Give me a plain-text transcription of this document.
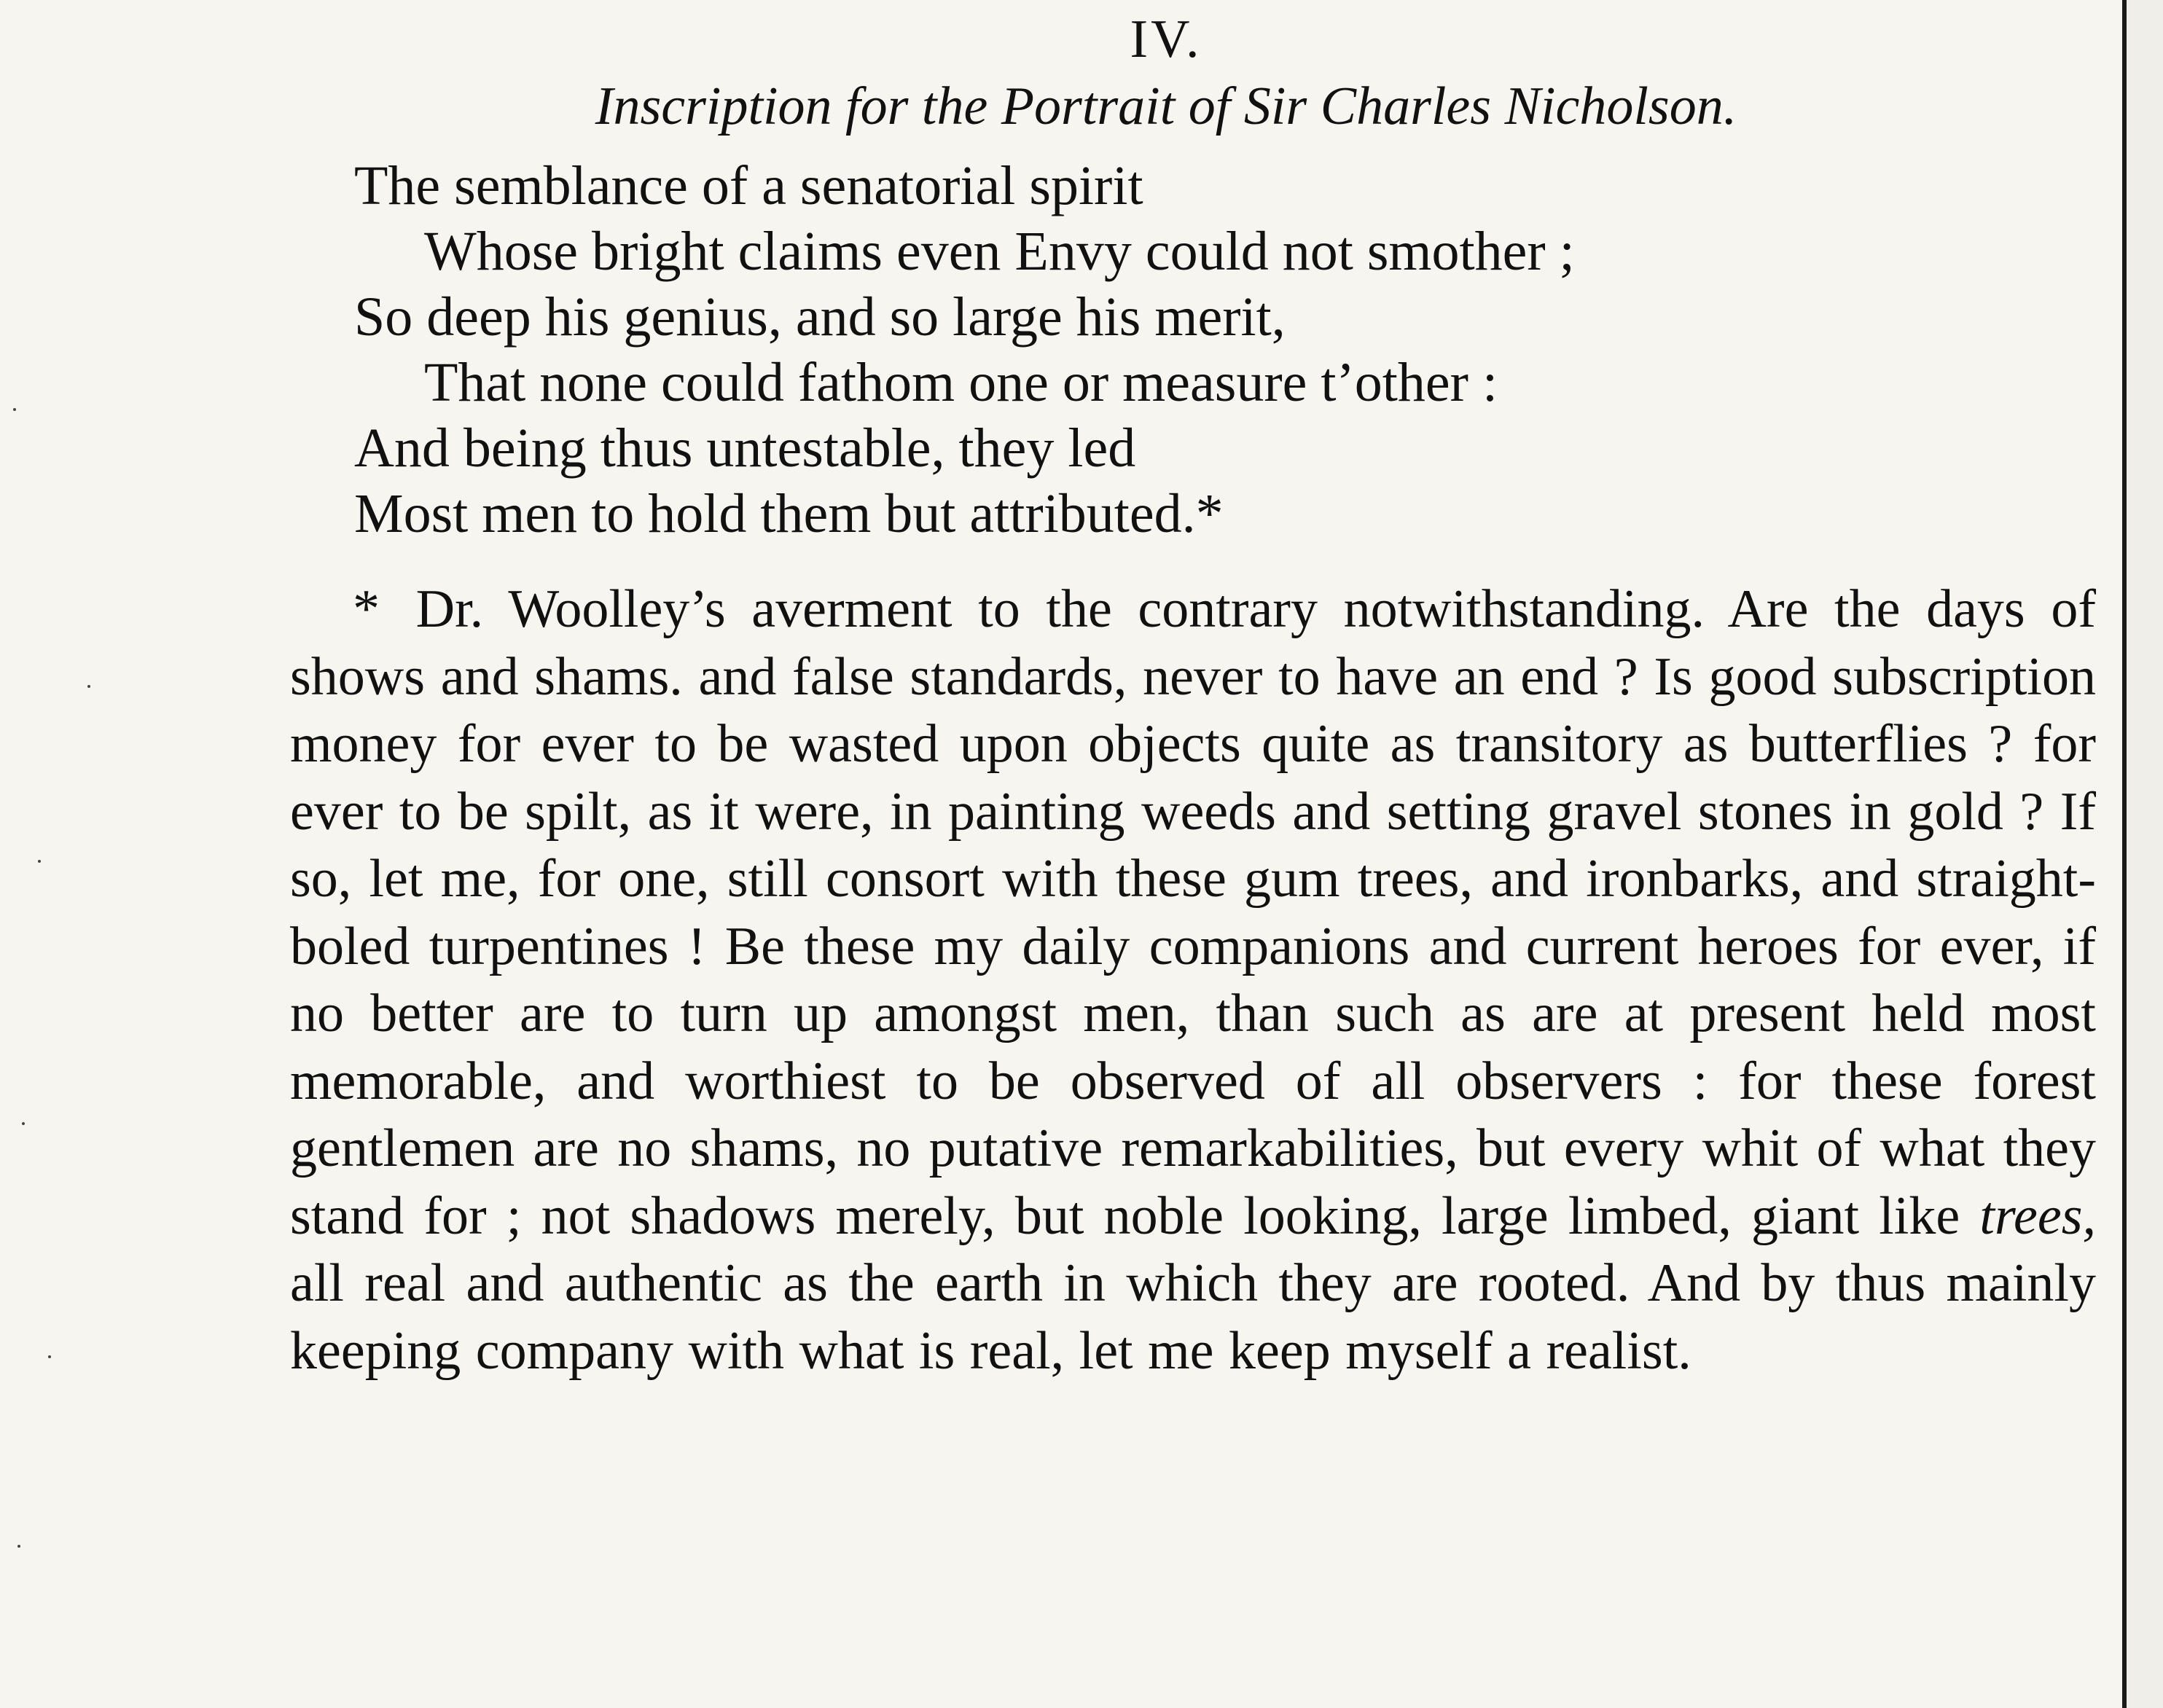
IV.
Inscription for the Portrait of Sir Charles Nicholson.
The semblance of a senatorial spirit
Whose bright claims even Envy could not smother ;
So deep his genius, and so large his merit,
That none could fathom one or measure t’other :
And being thus untestable, they led
Most men to hold them but attributed.*
* Dr. Woolley’s averment to the contrary notwithstanding. Are the days of shows and shams. and false standards, never to have an end ? Is good subscription money for ever to be wasted upon objects quite as transitory as butterflies ? for ever to be spilt, as it were, in painting weeds and setting gravel stones in gold ? If so, let me, for one, still consort with these gum trees, and ironbarks, and straight-boled turpentines ! Be these my daily companions and current heroes for ever, if no better are to turn up amongst men, than such as are at present held most memorable, and worthiest to be observed of all observers : for these forest gentlemen are no shams, no putative remarkabilities, but every whit of what they stand for ; not shadows merely, but noble looking, large limbed, giant like trees, all real and authentic as the earth in which they are rooted. And by thus mainly keeping company with what is real, let me keep myself a realist.
